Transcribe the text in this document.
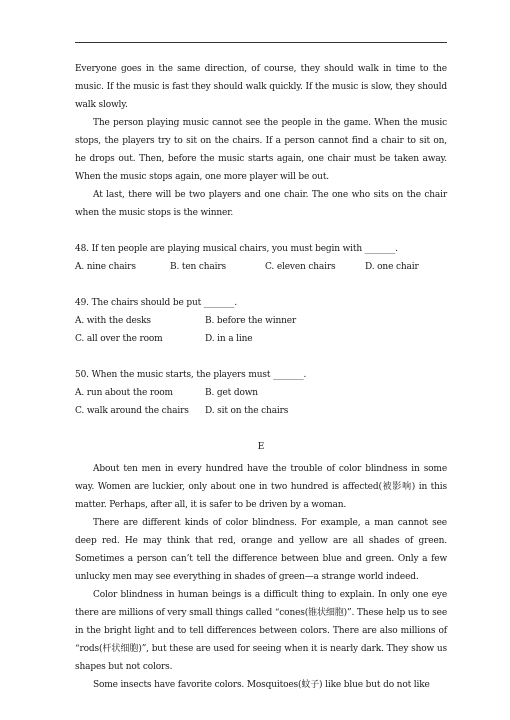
Everyone goes in the same direction, of course, they should walk in time to the music. If the music is fast they should walk quickly. If the music is slow, they should walk slowly.

The person playing music cannot see the people in the game. When the music stops, the players try to sit on the chairs. If a person cannot find a chair to sit on, he drops out. Then, before the music starts again, one chair must be taken away. When the music stops again, one more player will be out.

At last, there will be two players and one chair. The one who sits on the chair when the music stops is the winner.

48. If ten people are playing musical chairs, you must begin with _______.

A. nine chairs	B. ten chairs	C. eleven chairs	D. one chair

49. The chairs should be put _______.

A. with the desks	B. before the winner
C. all over the room	D. in a line

50. When the music starts, the players must _______.

A. run about the room	B. get down
C. walk around the chairs	D. sit on the chairs
E

About ten men in every hundred have the trouble of color blindness in some way. Women are luckier, only about one in two hundred is affected(被影响) in this matter. Perhaps, after all, it is safer to be driven by a woman.

There are different kinds of color blindness. For example, a man cannot see deep red. He may think that red, orange and yellow are all shades of green. Sometimes a person can’t tell the difference between blue and green. Only a few unlucky men may see everything in shades of green—a strange world indeed.

Color blindness in human beings is a difficult thing to explain. In only one eye there are millions of very small things called “cones(锥状细胞)”. These help us to see in the bright light and to tell differences between colors. There are also millions of “rods(杆状细胞)”, but these are used for seeing when it is nearly dark. They show us shapes but not colors.

Some insects have favorite colors. Mosquitoes(蚊子) like blue but do not like
